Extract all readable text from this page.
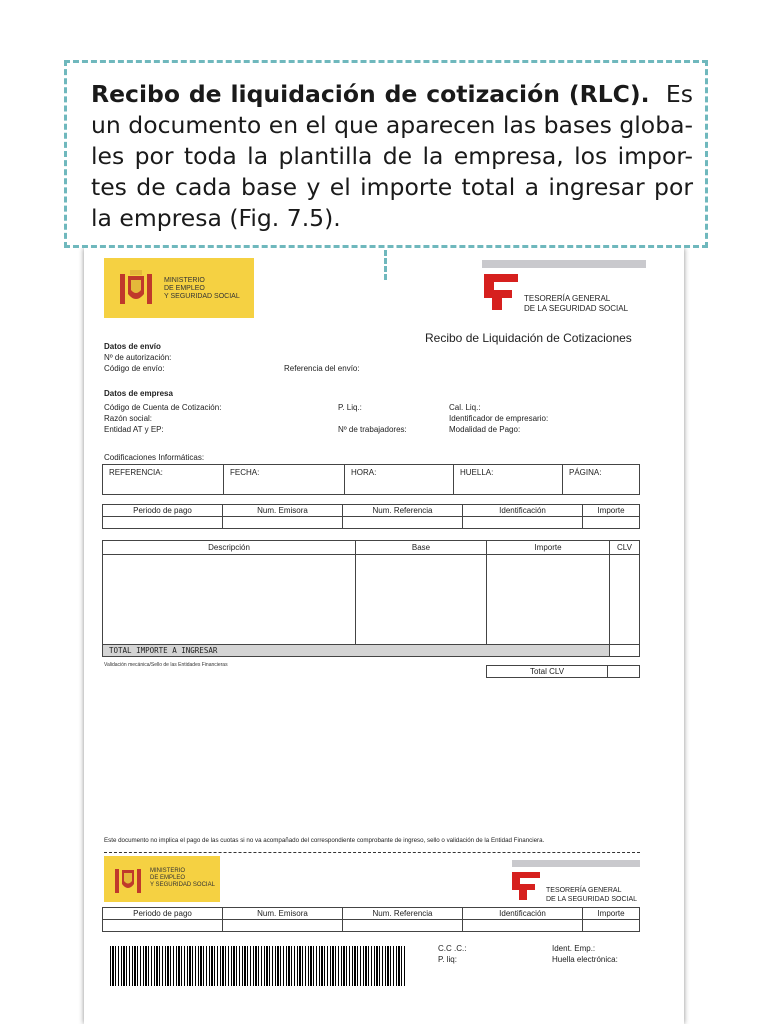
Recibo de liquidación de cotización (RLC). Es un documento en el que aparecen las bases globa-les por toda la plantilla de la empresa, los impor-tes de cada base y el importe total a ingresar por la empresa (Fig. 7.5).
MINISTERIO
DE EMPLEO
Y SEGURIDAD SOCIAL	TESORERÍA GENERAL
DE LA SEGURIDAD SOCIAL
Recibo de Liquidación de Cotizaciones
Datos de envío
Nº de autorización:
Código de envío:	Referencia del envío:
Datos de empresa
Código de Cuenta de Cotización:	P. Liq.:	Cal. Liq.:
Razón social:	Identificador de empresario:
Entidad AT y EP:	Nº de trabajadores:	Modalidad de Pago:
Codificaciones Informáticas:
REFERENCIA:	FECHA:	HORA:	HUELLA:	PÁGINA:
Periodo de pago	Num. Emisora	Num. Referencia	Identificación	Importe

Descripción	Base	Importe	CLV

TOTAL IMPORTE A INGRESAR			
Validación mecánica/Sello de las Entidades Financieras
Total CLV	
Este documento no implica el pago de las cuotas si no va acompañado del correspondiente comprobante de ingreso, sello o validación de la Entidad Financiera.
MINISTERIO
DE EMPLEO
Y SEGURIDAD SOCIAL
TESORERÍA GENERAL
DE LA SEGURIDAD SOCIAL
Periodo de pago	Num. Emisora	Num. Referencia	Identificación	Importe

C.C .C.:
P. liq:
Ident. Emp.:
Huella electrónica:
